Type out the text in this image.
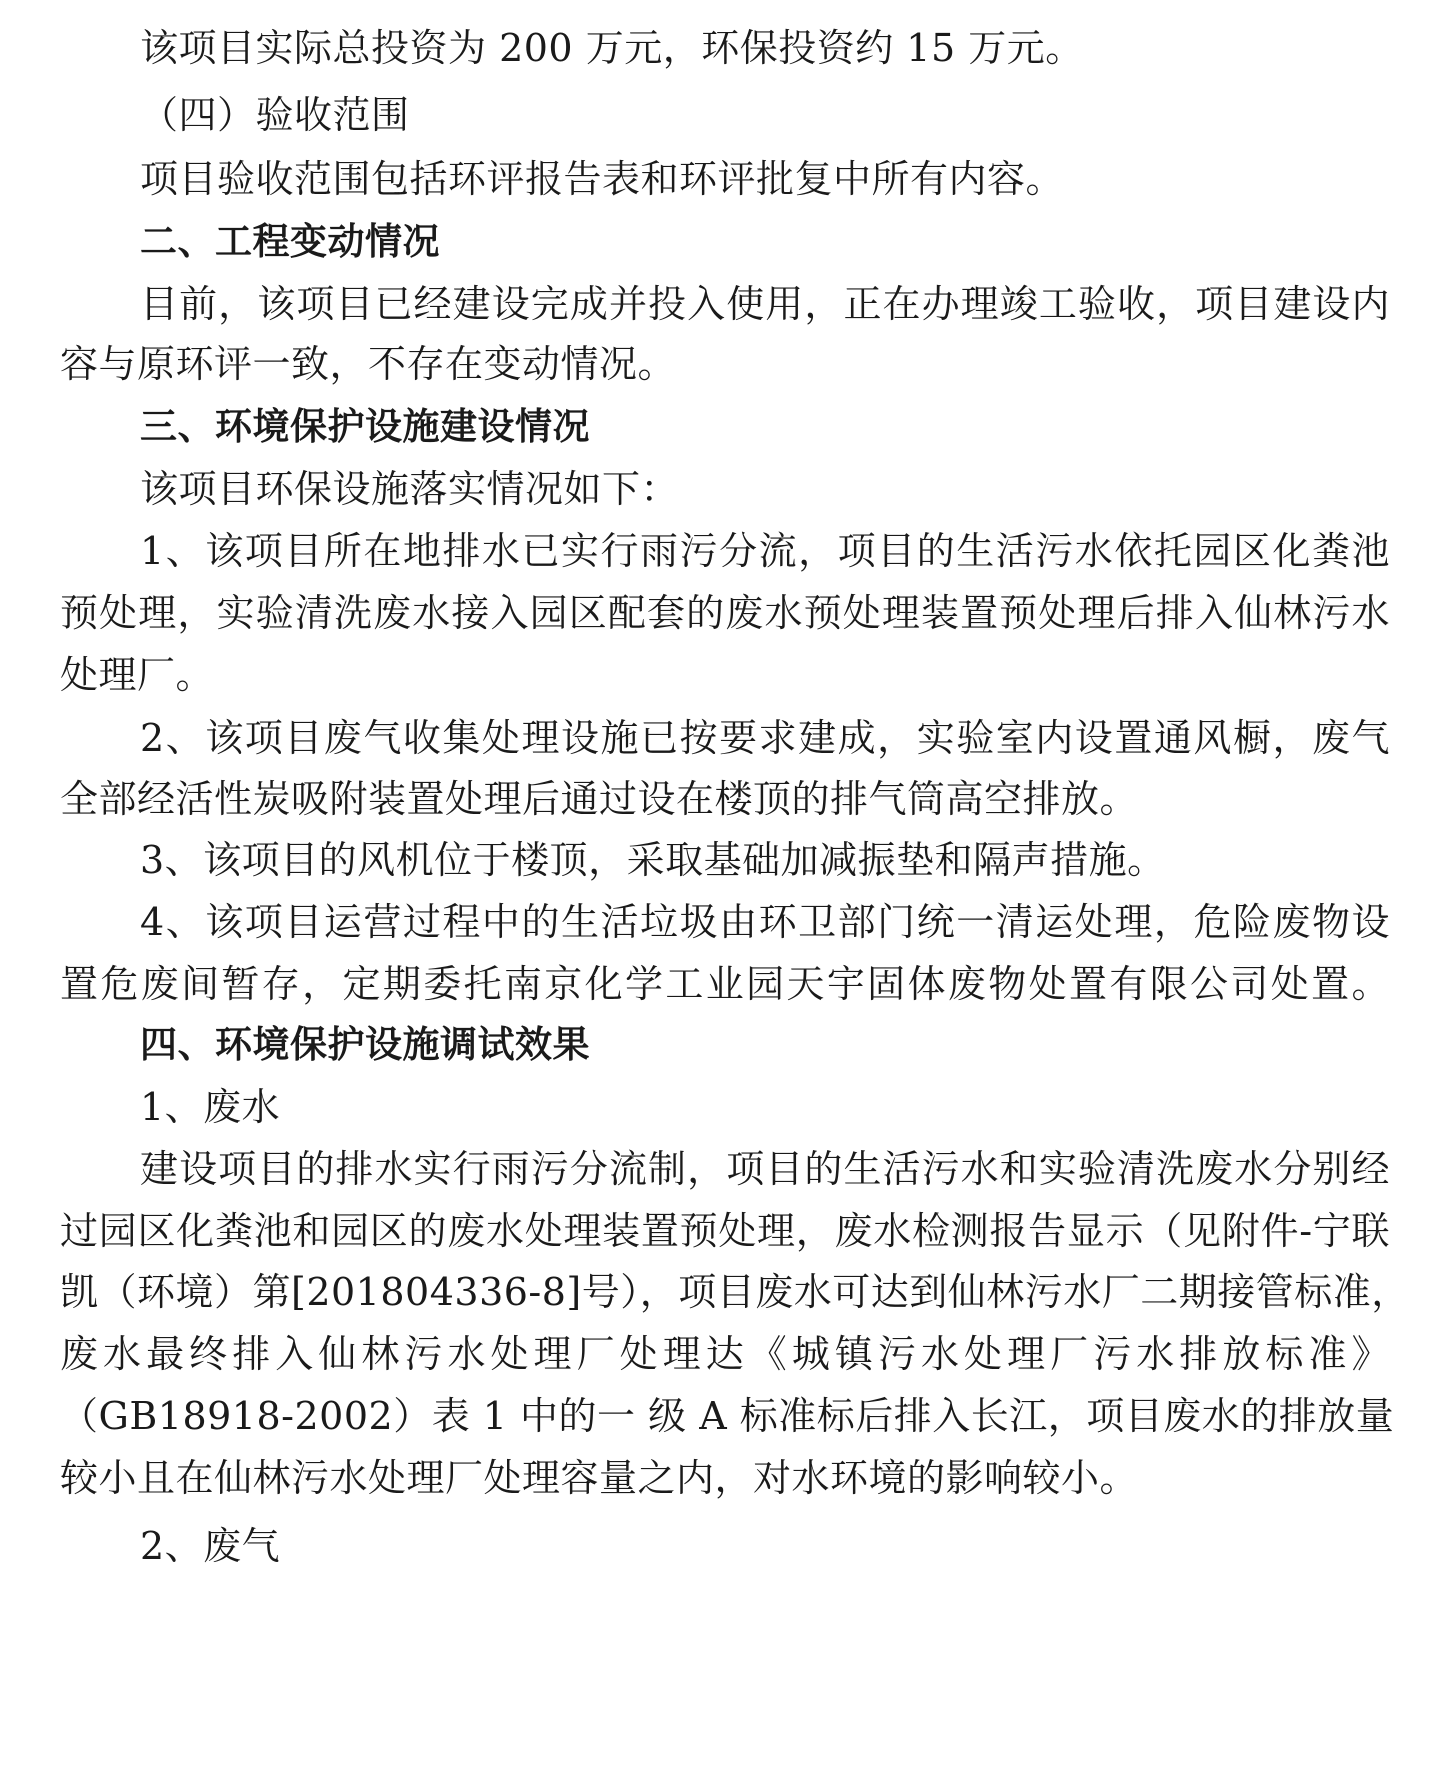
该项目实际总投资为 200 万元，环保投资约 15 万元。
（四）验收范围
项目验收范围包括环评报告表和环评批复中所有内容。
二、工程变动情况
目前，该项目已经建设完成并投入使用，正在办理竣工验收，项目建设内
容与原环评一致，不存在变动情况。
三、环境保护设施建设情况
该项目环保设施落实情况如下：
1、该项目所在地排水已实行雨污分流，项目的生活污水依托园区化粪池
预处理，实验清洗废水接入园区配套的废水预处理装置预处理后排入仙林污水
处理厂。
2、该项目废气收集处理设施已按要求建成，实验室内设置通风橱，废气
全部经活性炭吸附装置处理后通过设在楼顶的排气筒高空排放。
3、该项目的风机位于楼顶，采取基础加减振垫和隔声措施。
4、该项目运营过程中的生活垃圾由环卫部门统一清运处理，危险废物设
置危废间暂存，定期委托南京化学工业园天宇固体废物处置有限公司处置。
四、环境保护设施调试效果
1、废水
建设项目的排水实行雨污分流制，项目的生活污水和实验清洗废水分别经
过园区化粪池和园区的废水处理装置预处理，废水检测报告显示（见附件-宁联
凯（环境）第[201804336-8]号），项目废水可达到仙林污水厂二期接管标准，
废水最终排入仙林污水处理厂处理达《城镇污水处理厂污水排放标准》
（GB18918-2002）表 1 中的一 级 A 标准标后排入长江，项目废水的排放量
较小且在仙林污水处理厂处理容量之内，对水环境的影响较小。
2、废气
